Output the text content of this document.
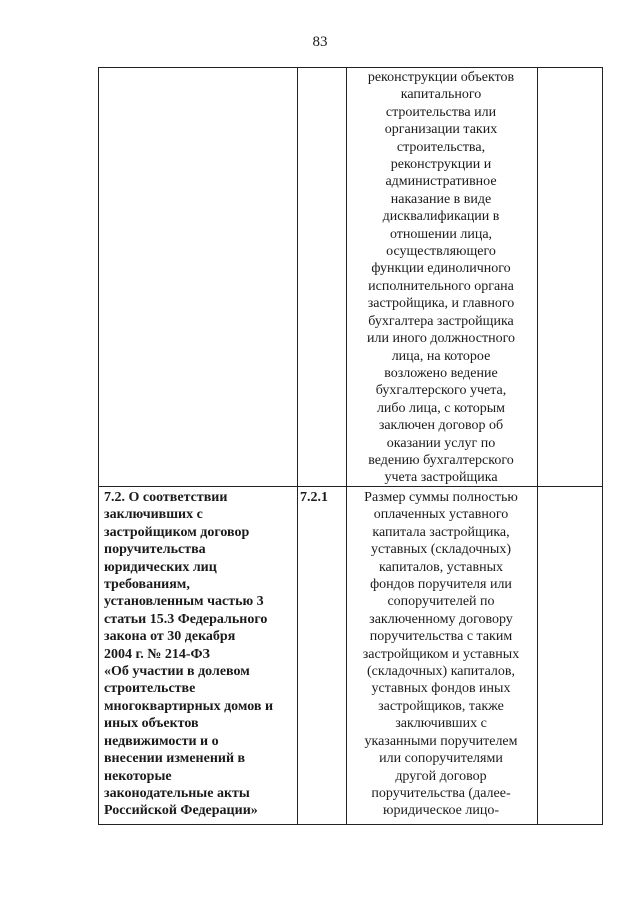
83
реконструкции объектов
капитального
строительства или
организации таких
строительства,
реконструкции и
административное
наказание в виде
дисквалификации в
отношении лица,
осуществляющего
функции единоличного
исполнительного органа
застройщика, и главного
бухгалтера застройщика
или иного должностного
лица, на которое
возложено ведение
бухгалтерского учета,
либо лица, с которым
заключен договор об
оказании услуг по
ведению бухгалтерского
учета застройщика
7.2. О соответствии
заключивших с
застройщиком договор
поручительства
юридических лиц
требованиям,
установленным частью 3
статьи 15.3 Федерального
закона от 30 декабря
2004 г. № 214-ФЗ
«Об участии в долевом
строительстве
многоквартирных домов и
иных объектов
недвижимости и о
внесении изменений в
некоторые
законодательные акты
Российской Федерации»
7.2.1	Размер суммы полностью
оплаченных уставного
капитала застройщика,
уставных (складочных)
капиталов, уставных
фондов поручителя или
сопоручителей по
заключенному договору
поручительства с таким
застройщиком и уставных
(складочных) капиталов,
уставных фондов иных
застройщиков, также
заключивших с
указанными поручителем
или сопоручителями
другой договор
поручительства (далее-
юридическое лицо-
